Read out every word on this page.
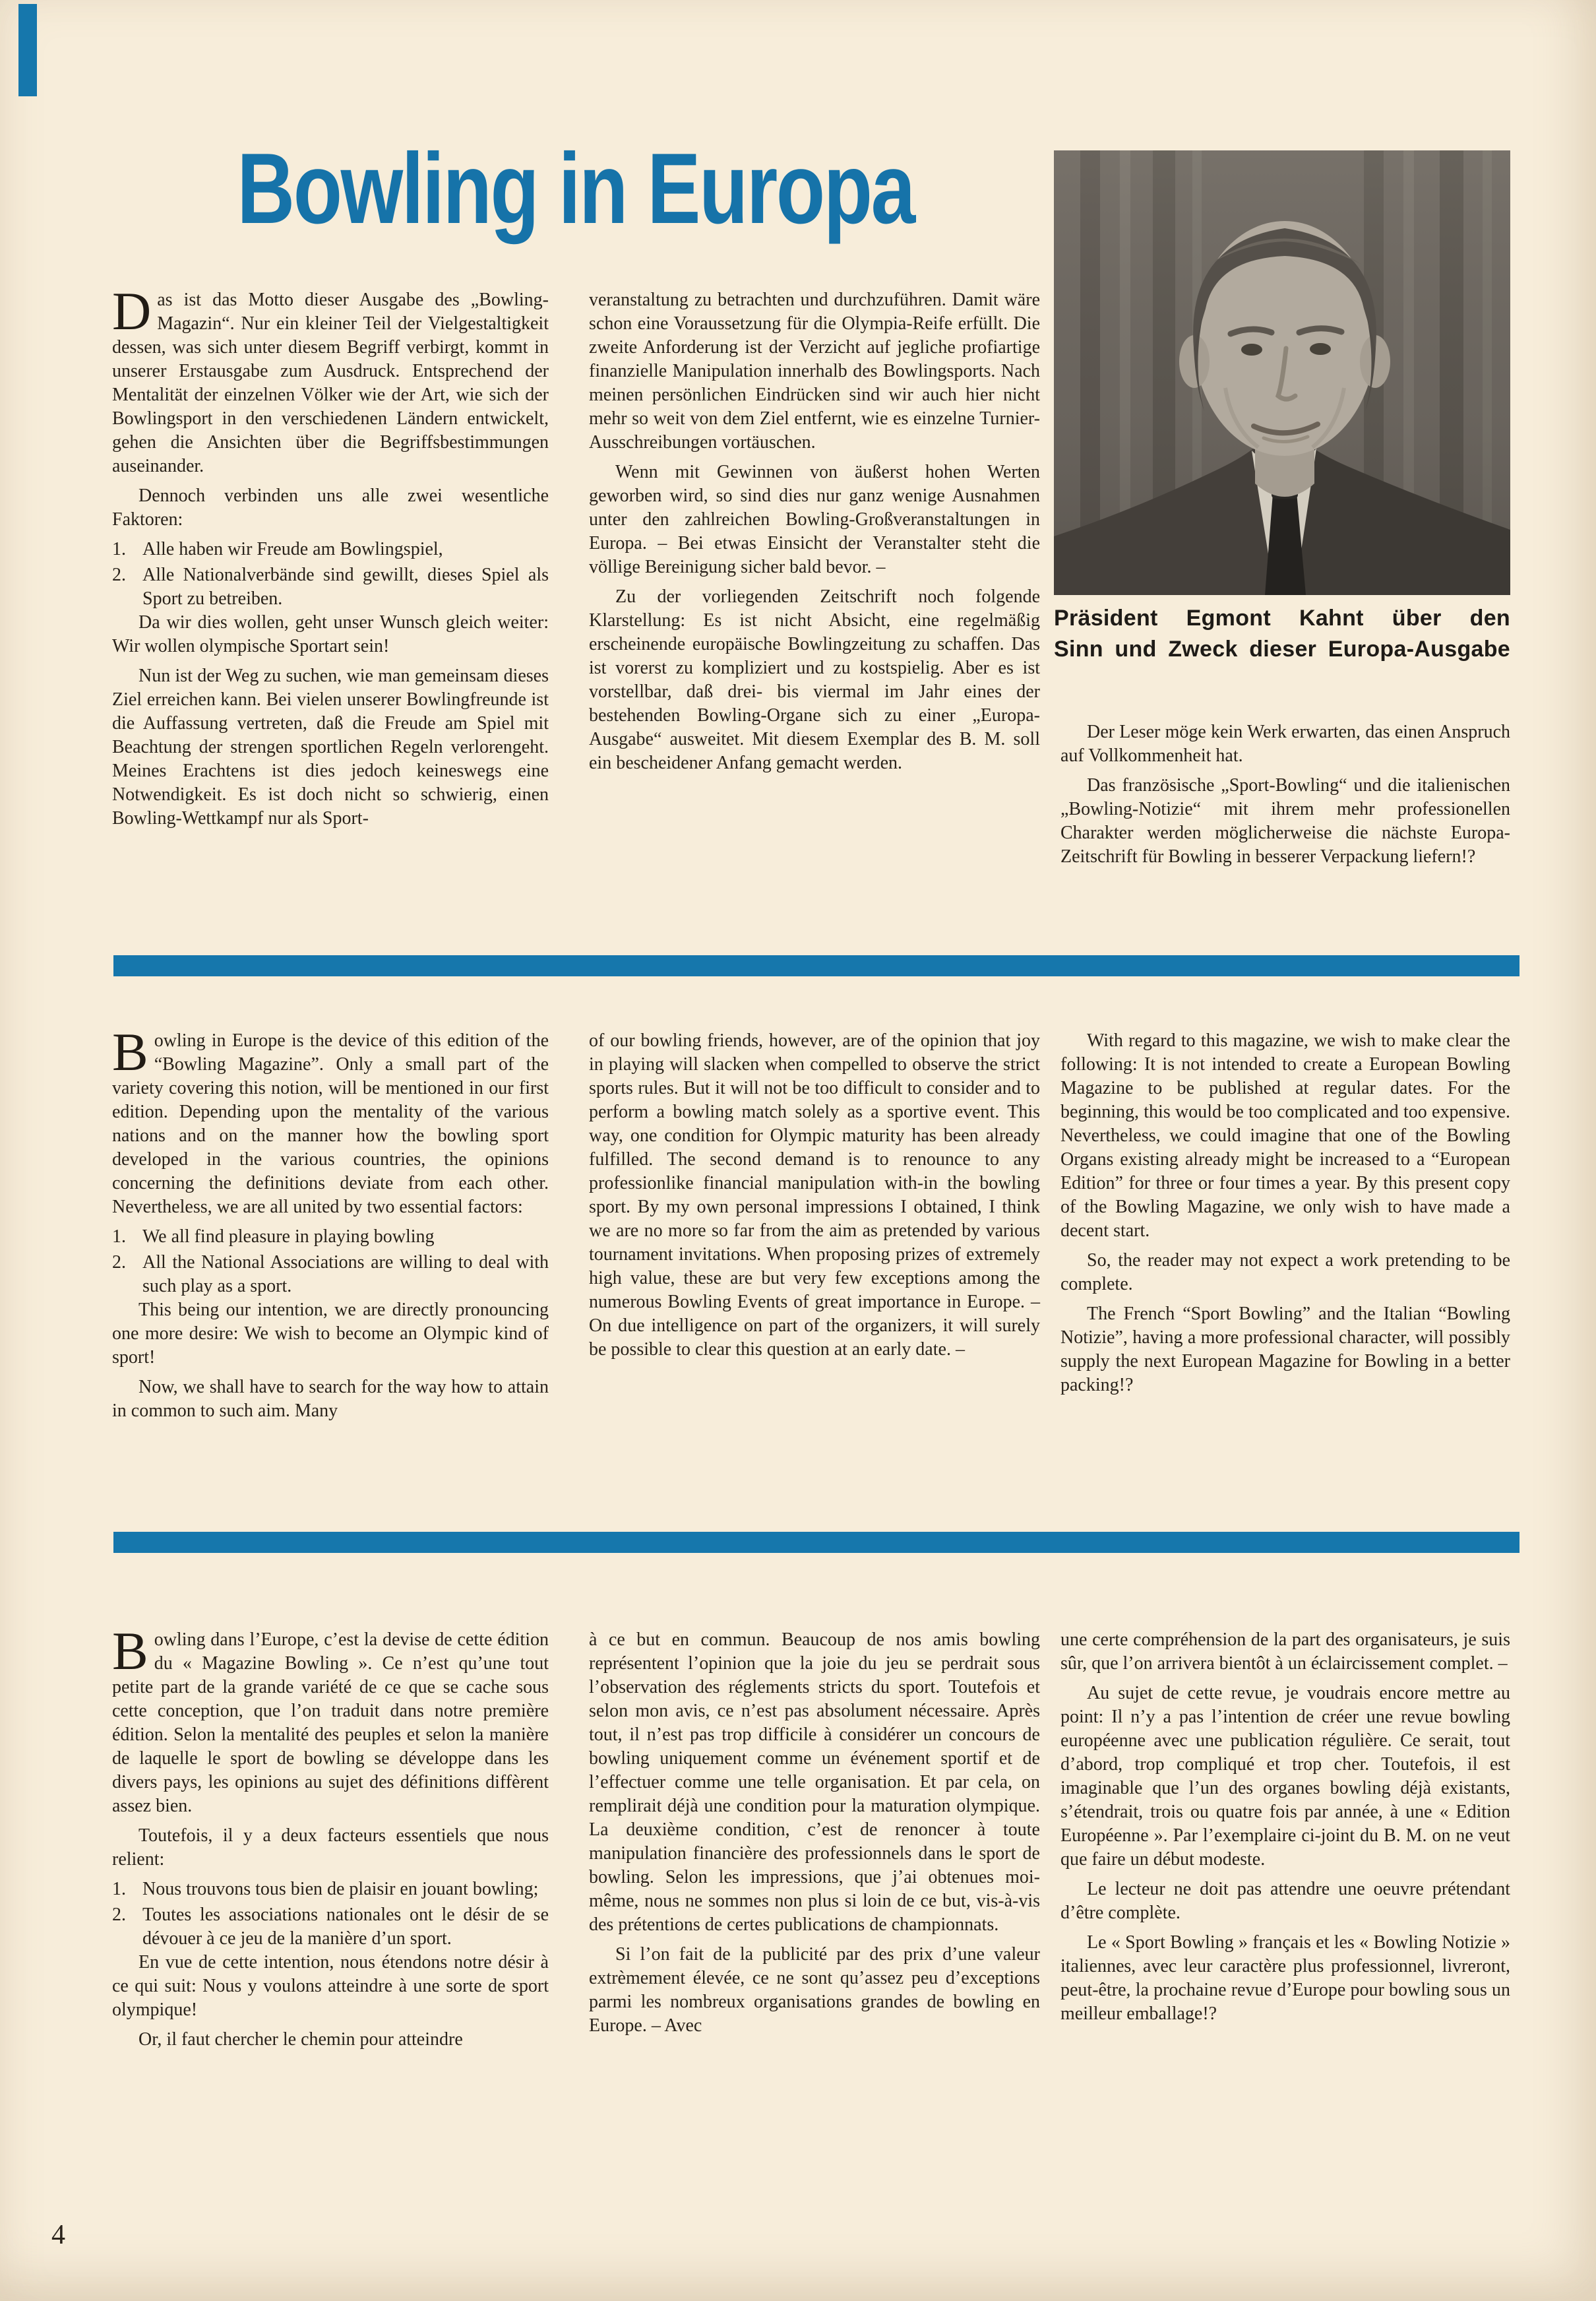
Bowling in Europa
Präsident Egmont Kahnt über den
Sinn und Zweck dieser Europa-Ausgabe

Das ist das Motto dieser Ausgabe des „Bowling-Magazin“. Nur ein kleiner Teil der Vielgestaltigkeit dessen, was sich unter diesem Begriff verbirgt, kommt in unserer Erstausgabe zum Ausdruck. Entsprechend der Mentalität der einzelnen Völker wie der Art, wie sich der Bowlingsport in den verschiedenen Ländern entwickelt, gehen die Ansichten über die Begriffsbestimmungen auseinander.

Dennoch verbinden uns alle zwei wesentliche Faktoren:

1. Alle haben wir Freude am Bowlingspiel,
2. Alle Nationalverbände sind gewillt, dieses Spiel als Sport zu betreiben.

Da wir dies wollen, geht unser Wunsch gleich weiter: Wir wollen olympische Sportart sein!

Nun ist der Weg zu suchen, wie man gemeinsam dieses Ziel erreichen kann. Bei vielen unserer Bowlingfreunde ist die Auffassung vertreten, daß die Freude am Spiel mit Beachtung der strengen sportlichen Regeln verlorengeht. Meines Erachtens ist dies jedoch keineswegs eine Notwendigkeit. Es ist doch nicht so schwierig, einen Bowling-Wettkampf nur als Sport-

veranstaltung zu betrachten und durchzuführen. Damit wäre schon eine Voraussetzung für die Olympia-Reife erfüllt. Die zweite Anforderung ist der Verzicht auf jegliche profiartige finanzielle Manipulation innerhalb des Bowlingsports. Nach meinen persönlichen Eindrücken sind wir auch hier nicht mehr so weit von dem Ziel entfernt, wie es einzelne Turnier-Ausschreibungen vortäuschen.

Wenn mit Gewinnen von äußerst hohen Werten geworben wird, so sind dies nur ganz wenige Ausnahmen unter den zahlreichen Bowling-Großveranstaltungen in Europa. – Bei etwas Einsicht der Veranstalter steht die völlige Bereinigung sicher bald bevor. –

Zu der vorliegenden Zeitschrift noch folgende Klarstellung: Es ist nicht Absicht, eine regelmäßig erscheinende europäische Bowlingzeitung zu schaffen. Das ist vorerst zu kompliziert und zu kostspielig. Aber es ist vorstellbar, daß drei- bis viermal im Jahr eines der bestehenden Bowling-Organe sich zu einer „Europa-Ausgabe“ ausweitet. Mit diesem Exemplar des B. M. soll ein bescheidener Anfang gemacht werden.

Der Leser möge kein Werk erwarten, das einen Anspruch auf Vollkommenheit hat.

Das französische „Sport-Bowling“ und die italienischen „Bowling-Notizie“ mit ihrem mehr professionellen Charakter werden möglicherweise die nächste Europa-Zeitschrift für Bowling in besserer Verpackung liefern!?

Bowling in Europe is the device of this edition of the “Bowling Magazine”. Only a small part of the variety covering this notion, will be mentioned in our first edition. Depending upon the mentality of the various nations and on the manner how the bowling sport developed in the various countries, the opinions concerning the definitions deviate from each other. Nevertheless, we are all united by two essential factors:

1. We all find pleasure in playing bowling
2. All the National Associations are willing to deal with such play as a sport.

This being our intention, we are directly pronouncing one more desire: We wish to become an Olympic kind of sport!

Now, we shall have to search for the way how to attain in common to such aim. Many

of our bowling friends, however, are of the opinion that joy in playing will slacken when compelled to observe the strict sports rules. But it will not be too difficult to consider and to perform a bowling match solely as a sportive event. This way, one condition for Olympic maturity has been already fulfilled. The second demand is to renounce to any professionlike financial manipulation with-in the bowling sport. By my own personal impressions I obtained, I think we are no more so far from the aim as pretended by various tournament invitations. When proposing prizes of extremely high value, these are but very few exceptions among the numerous Bowling Events of great importance in Europe. – On due intelligence on part of the organizers, it will surely be possible to clear this question at an early date. –

With regard to this magazine, we wish to make clear the following: It is not intended to create a European Bowling Magazine to be published at regular dates. For the beginning, this would be too complicated and too expensive. Nevertheless, we could imagine that one of the Bowling Organs existing already might be increased to a “European Edition” for three or four times a year. By this present copy of the Bowling Magazine, we only wish to have made a decent start.

So, the reader may not expect a work pretending to be complete.

The French “Sport Bowling” and the Italian “Bowling Notizie”, having a more professional character, will possibly supply the next European Magazine for Bowling in a better packing!?

Bowling dans l’Europe, c’est la devise de cette édition du « Magazine Bowling ». Ce n’est qu’une tout petite part de la grande variété de ce que se cache sous cette conception, que l’on traduit dans notre première édition. Selon la mentalité des peuples et selon la manière de laquelle le sport de bowling se développe dans les divers pays, les opinions au sujet des définitions diffèrent assez bien.

Toutefois, il y a deux facteurs essentiels que nous relient:

1. Nous trouvons tous bien de plaisir en jouant bowling;
2. Toutes les associations nationales ont le désir de se dévouer à ce jeu de la manière d’un sport.

En vue de cette intention, nous étendons notre désir à ce qui suit: Nous y voulons atteindre à une sorte de sport olympique!

Or, il faut chercher le chemin pour atteindre

à ce but en commun. Beaucoup de nos amis bowling représentent l’opinion que la joie du jeu se perdrait sous l’observation des réglements stricts du sport. Toutefois et selon mon avis, ce n’est pas absolument nécessaire. Après tout, il n’est pas trop difficile à considérer un concours de bowling uniquement comme un événement sportif et de l’effectuer comme une telle organisation. Et par cela, on remplirait déjà une condition pour la maturation olympique. La deuxième condition, c’est de renoncer à toute manipulation financière des professionnels dans le sport de bowling. Selon les impressions, que j’ai obtenues moi-même, nous ne sommes non plus si loin de ce but, vis-à-vis des prétentions de certes publications de championnats.

Si l’on fait de la publicité par des prix d’une valeur extrèmement élevée, ce ne sont qu’assez peu d’exceptions parmi les nombreux organisations grandes de bowling en Europe. – Avec

une certe compréhension de la part des organisateurs, je suis sûr, que l’on arrivera bientôt à un éclaircissement complet. –

Au sujet de cette revue, je voudrais encore mettre au point: Il n’y a pas l’intention de créer une revue bowling européenne avec une publication régulière. Ce serait, tout d’abord, trop compliqué et trop cher. Toutefois, il est imaginable que l’un des organes bowling déjà existants, s’étendrait, trois ou quatre fois par année, à une « Edition Européenne ». Par l’exemplaire ci-joint du B. M. on ne veut que faire un début modeste.

Le lecteur ne doit pas attendre une oeuvre prétendant d’être complète.

Le « Sport Bowling » français et les « Bowling Notizie » italiennes, avec leur caractère plus professionnel, livreront, peut-être, la prochaine revue d’Europe pour bowling sous un meilleur emballage!?

4
